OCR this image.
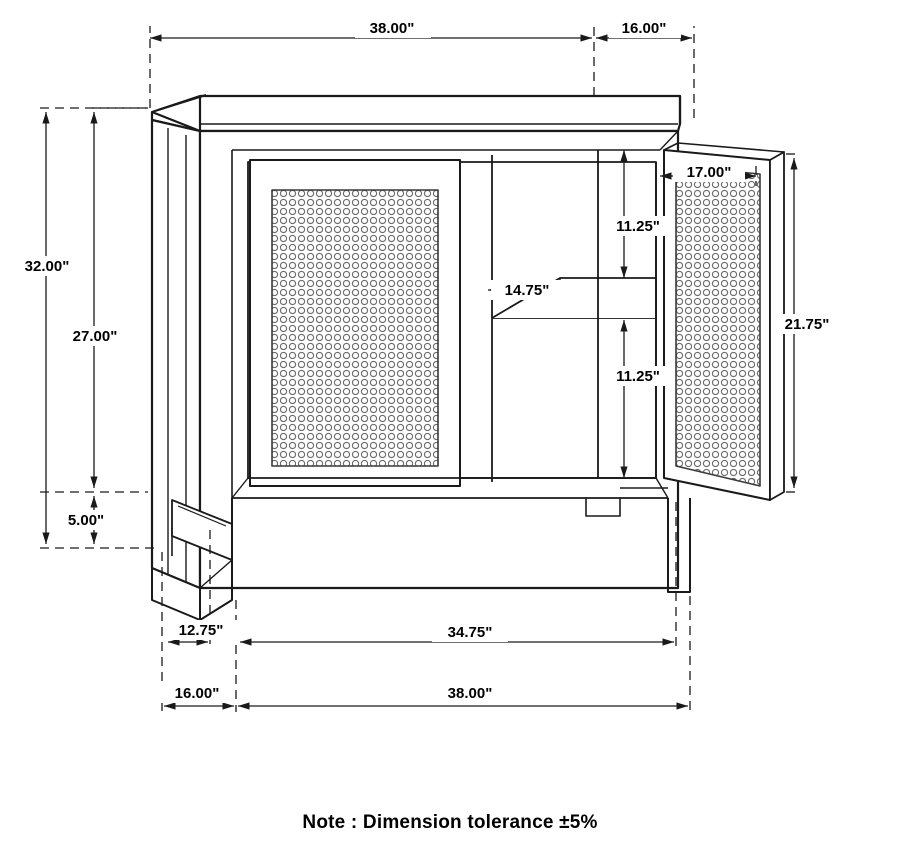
38.00"	16.00"
17.00"
32.00"
27.00"
5.00"
11.25"
14.75"
11.25"
21.75"
34.75"
12.75"
16.00"	38.00"
Note : Dimension tolerance ±5%
